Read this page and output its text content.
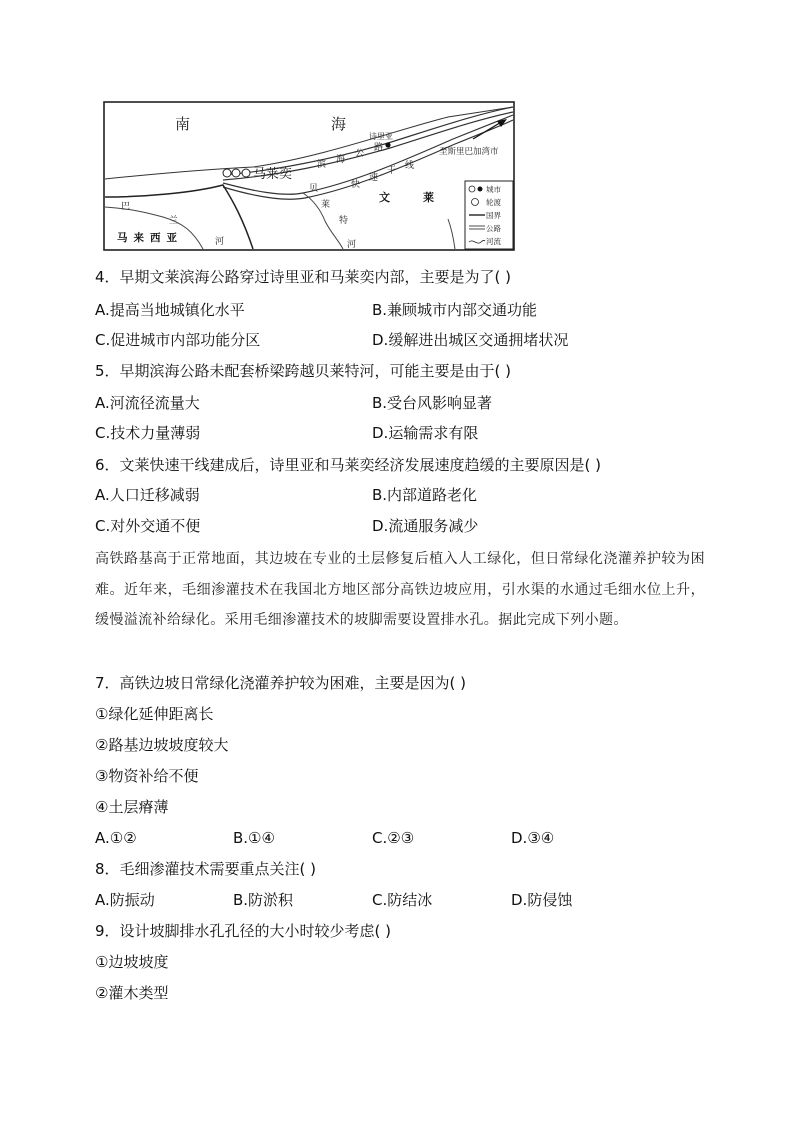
南	海
诗里亚
马莱奕
至斯里巴加湾市
滨 海
公
路
快
速
干 线
贝
莱
特
河
文	莱
马来西亚
巴
兰
河
城市
轮渡
国界
公路
河流
4．早期文莱滨海公路穿过诗里亚和马莱奕内部，主要是为了( )
A.提高当地城镇化水平	B.兼顾城市内部交通功能
C.促进城市内部功能分区	D.缓解进出城区交通拥堵状况
5．早期滨海公路未配套桥梁跨越贝莱特河，可能主要是由于( )
A.河流径流量大	B.受台风影响显著
C.技术力量薄弱	D.运输需求有限
6．文莱快速干线建成后，诗里亚和马莱奕经济发展速度趋缓的主要原因是( )
A.人口迁移减弱	B.内部道路老化
C.对外交通不便	D.流通服务减少
高铁路基高于正常地面，其边坡在专业的土层修复后植入人工绿化，但日常绿化浇灌养护较为困难。近年来，毛细渗灌技术在我国北方地区部分高铁边坡应用，引水渠的水通过毛细水位上升，缓慢溢流补给绿化。采用毛细渗灌技术的坡脚需要设置排水孔。据此完成下列小题。
7．高铁边坡日常绿化浇灌养护较为困难，主要是因为( )
①绿化延伸距离长
②路基边坡坡度较大
③物资补给不便
④土层瘠薄
A.①②	B.①④	C.②③	D.③④
8．毛细渗灌技术需要重点关注( )
A.防振动	B.防淤积	C.防结冰	D.防侵蚀
9．设计坡脚排水孔孔径的大小时较少考虑( )
①边坡坡度
②灌木类型
